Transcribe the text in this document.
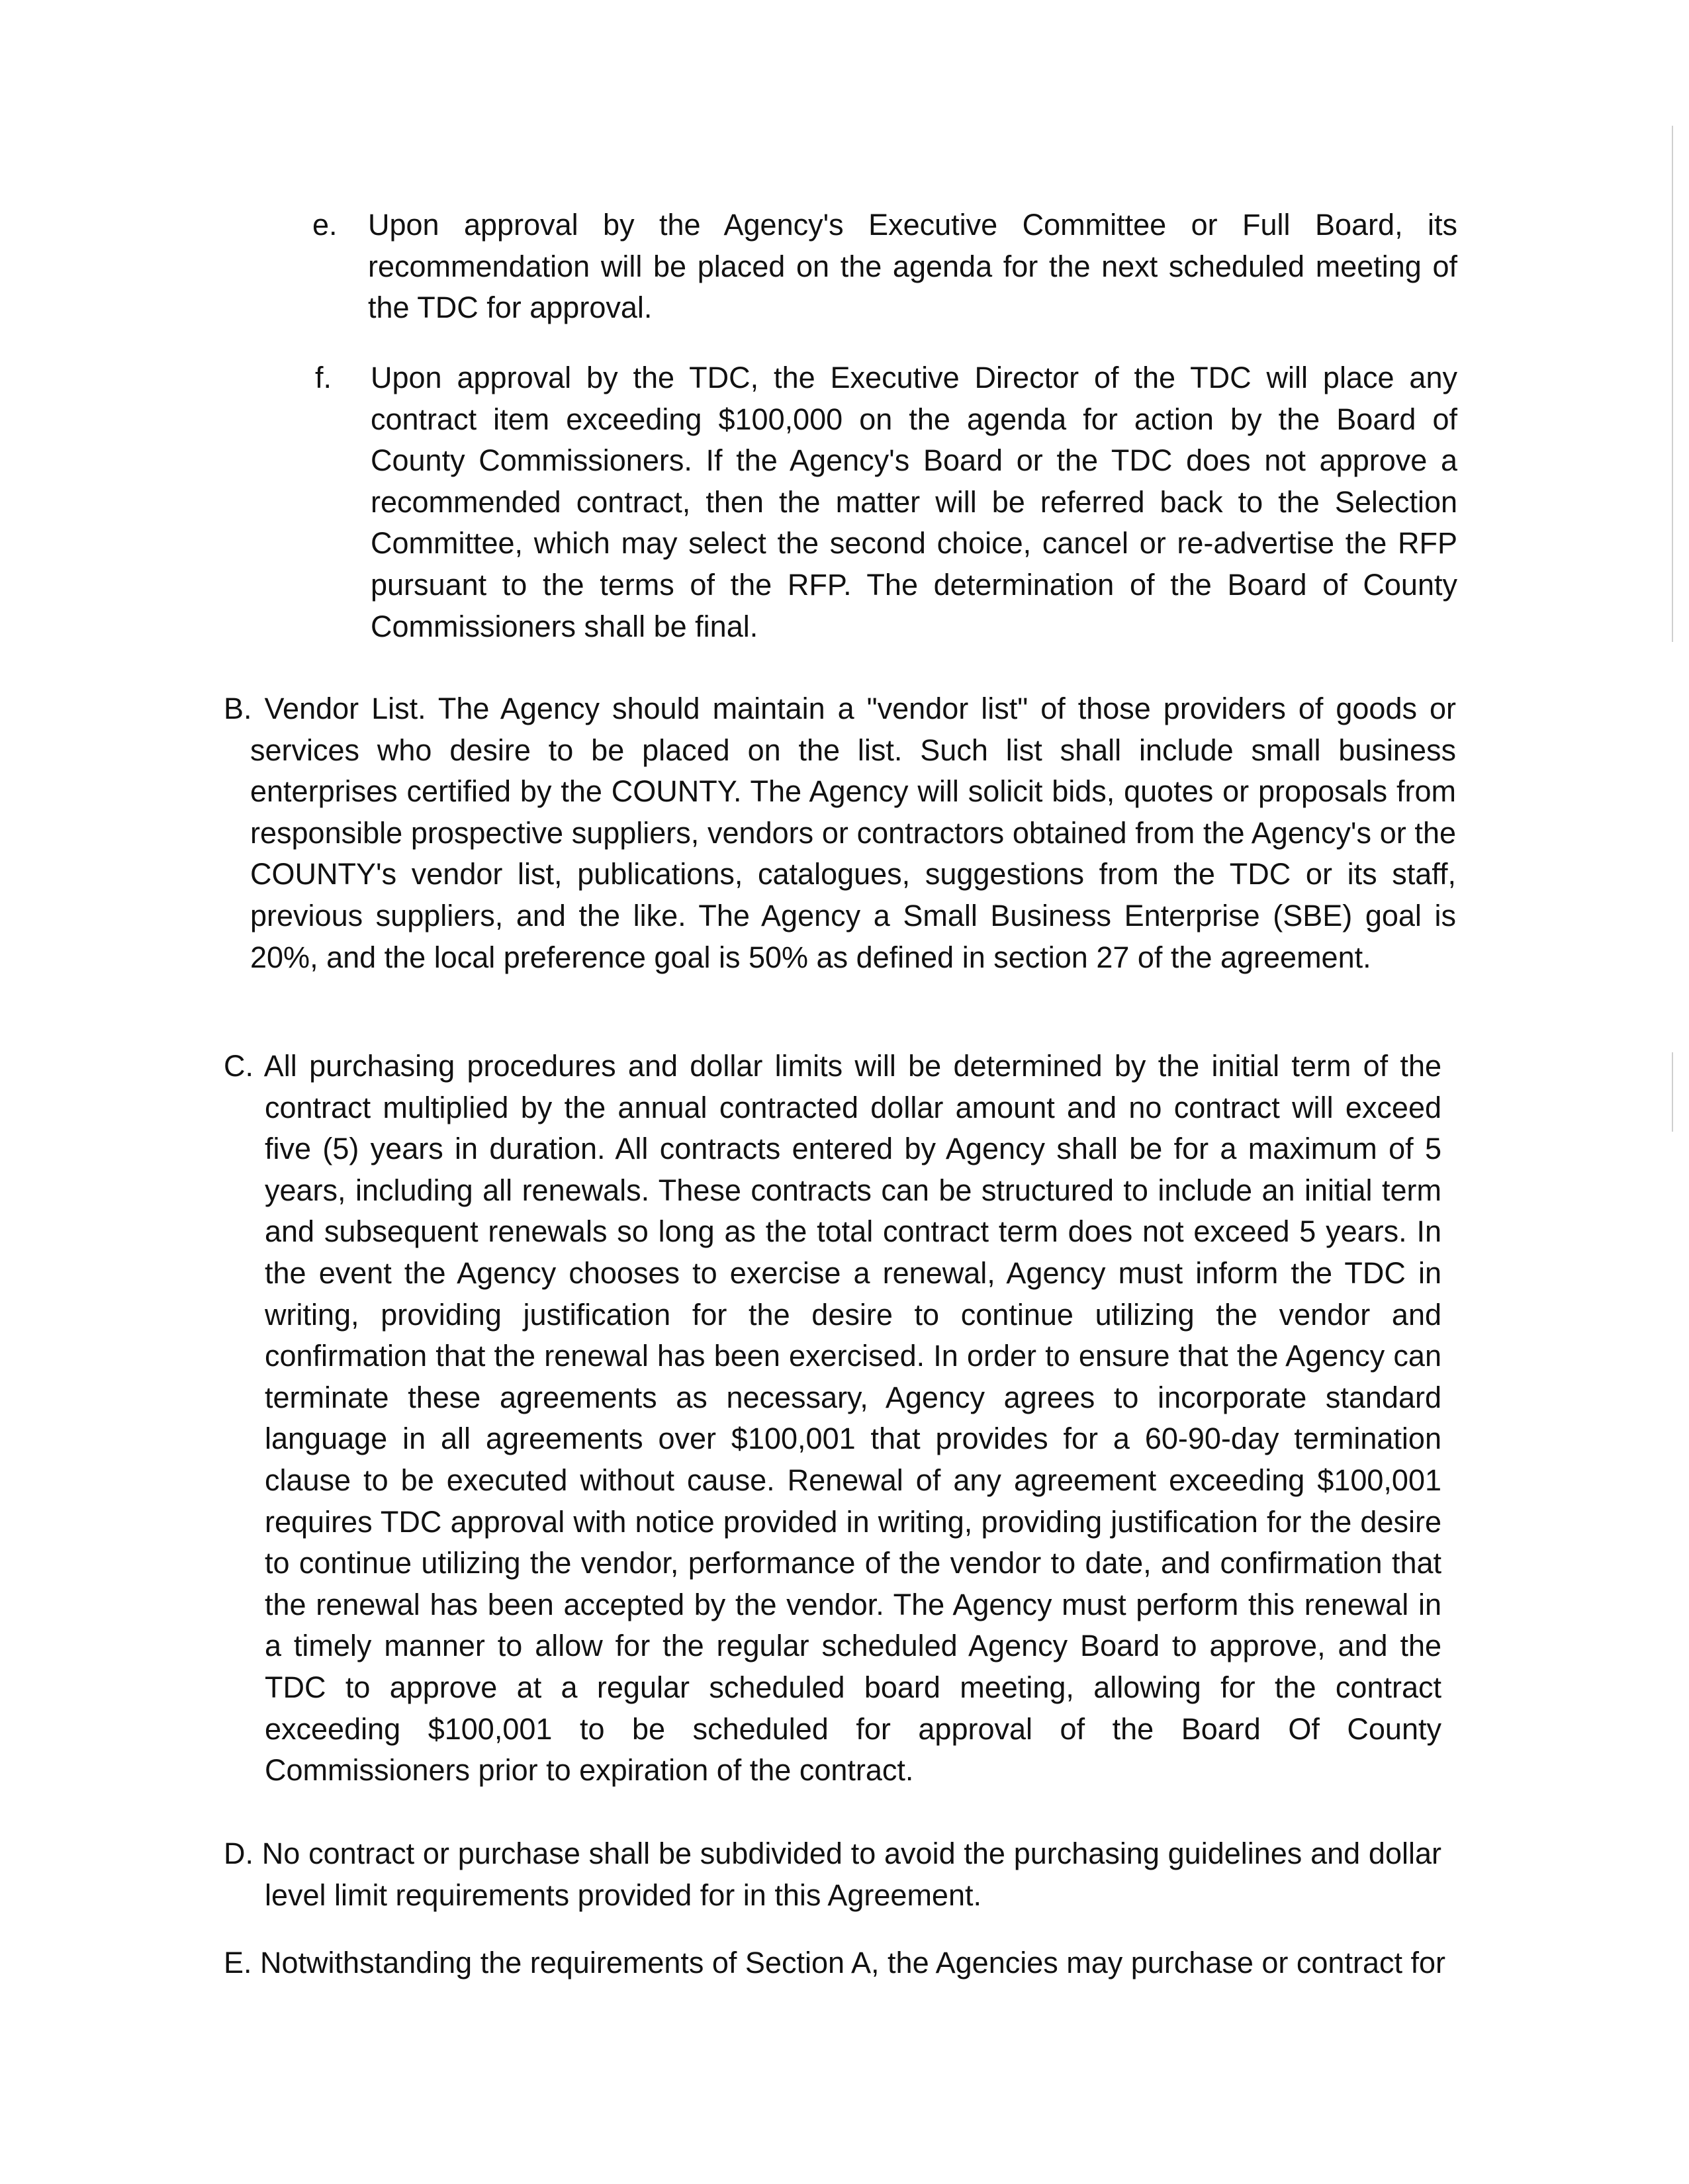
e. Upon approval by the Agency's Executive Committee or Full Board, its recommendation will be placed on the agenda for the next scheduled meeting of the TDC for approval.
f. Upon approval by the TDC, the Executive Director of the TDC will place any contract item exceeding $100,000 on the agenda for action by the Board of County Commissioners. If the Agency's Board or the TDC does not approve a recommended contract, then the matter will be referred back to the Selection Committee, which may select the second choice, cancel or re-advertise the RFP pursuant to the terms of the RFP. The determination of the Board of County Commissioners shall be final.
B. Vendor List. The Agency should maintain a "vendor list" of those providers of goods or services who desire to be placed on the list. Such list shall include small business enterprises certified by the COUNTY. The Agency will solicit bids, quotes or proposals from responsible prospective suppliers, vendors or contractors obtained from the Agency's or the COUNTY's vendor list, publications, catalogues, suggestions from the TDC or its staff, previous suppliers, and the like. The Agency a Small Business Enterprise (SBE) goal is 20%, and the local preference goal is 50% as defined in section 27 of the agreement.
C. All purchasing procedures and dollar limits will be determined by the initial term of the contract multiplied by the annual contracted dollar amount and no contract will exceed five (5) years in duration. All contracts entered by Agency shall be for a maximum of 5 years, including all renewals. These contracts can be structured to include an initial term and subsequent renewals so long as the total contract term does not exceed 5 years. In the event the Agency chooses to exercise a renewal, Agency must inform the TDC in writing, providing justification for the desire to continue utilizing the vendor and confirmation that the renewal has been exercised. In order to ensure that the Agency can terminate these agreements as necessary, Agency agrees to incorporate standard language in all agreements over $100,001 that provides for a 60-90-day termination clause to be executed without cause. Renewal of any agreement exceeding $100,001 requires TDC approval with notice provided in writing, providing justification for the desire to continue utilizing the vendor, performance of the vendor to date, and confirmation that the renewal has been accepted by the vendor. The Agency must perform this renewal in a timely manner to allow for the regular scheduled Agency Board to approve, and the TDC to approve at a regular scheduled board meeting, allowing for the contract exceeding $100,001 to be scheduled for approval of the Board Of County Commissioners prior to expiration of the contract.
D. No contract or purchase shall be subdivided to avoid the purchasing guidelines and dollar level limit requirements provided for in this Agreement.
E. Notwithstanding the requirements of Section A, the Agencies may purchase or contract for
